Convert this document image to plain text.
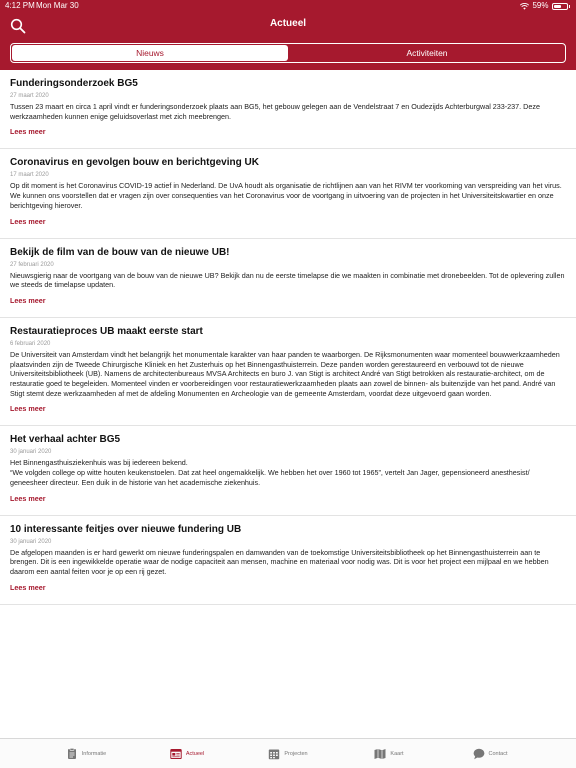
4:12 PM Mon Mar 30	59%
Actueel
Nieuws	Activiteiten
Funderingsonderzoek BG5
27 maart 2020
Tussen 23 maart en circa 1 april vindt er funderingsonderzoek plaats aan BG5, het gebouw gelegen aan de Vendelstraat 7 en Oudezijds Achterburgwal 233-237. Deze werkzaamheden kunnen enige geluidsoverlast met zich meebrengen.
Lees meer
Coronavirus en gevolgen bouw en berichtgeving UK
17 maart 2020
Op dit moment is het Coronavirus COVID-19 actief in Nederland. De UvA houdt als organisatie de richtlijnen aan van het RIVM ter voorkoming van verspreiding van het virus. We kunnen ons voorstellen dat er vragen zijn over consequenties van het Coronavirus voor de voortgang in uitvoering van de projecten in het Universiteitskwartier en onze berichtgeving hierover.
Lees meer
Bekijk de film van de bouw van de nieuwe UB!
27 februari 2020
Nieuwsgierig naar de voortgang van de bouw van de nieuwe UB? Bekijk dan nu de eerste timelapse die we maakten in combinatie met dronebeelden. Tot de oplevering zullen we steeds de timelapse updaten.
Lees meer
Restauratieproces UB maakt eerste start
6 februari 2020
De Universiteit van Amsterdam vindt het belangrijk het monumentale karakter van haar panden te waarborgen. De Rijksmonumenten waar momenteel bouwwerkzaamheden plaatsvinden zijn de Tweede Chirurgische Kliniek en het Zusterhuis op het Binnengasthuisterrein. Deze panden worden gerestaureerd en verbouwd tot de nieuwe Universiteitsbibliotheek (UB). Namens de architectenbureaus MVSA Architects en buro J. van Stigt is architect André van Stigt betrokken als restauratie-architect, om de restauratie goed te begeleiden. Momenteel vinden er voorbereidingen voor restauratiewerkzaamheden plaats aan zowel de binnen- als buitenzijde van het pand. André van Stigt stemt deze werkzaamheden af met de afdeling Monumenten en Archeologie van de gemeente Amsterdam, voordat deze uitgevoerd gaan worden.
Lees meer
Het verhaal achter BG5
30 januari 2020
Het Binnengasthuisziekenhuis was bij iedereen bekend.
“We volgden college op witte houten keukenstoelen. Dat zat heel ongemakkelijk. We hebben het over 1960 tot 1965”, vertelt Jan Jager, gepensioneerd anesthesist/ geneesheer directeur. Een duik in de historie van het academische ziekenhuis.
Lees meer
10 interessante feitjes over nieuwe fundering UB
30 januari 2020
De afgelopen maanden is er hard gewerkt om nieuwe funderingspalen en damwanden van de toekomstige Universiteitsbibliotheek op het Binnengasthuisterrein aan te brengen. Dit is een ingewikkelde operatie waar de nodige capaciteit aan mensen, machine en materiaal voor nodig was. Dit is voor het project een mijlpaal en we hebben daarom een aantal feiten voor je op een rij gezet.
Lees meer
Informatie	Actueel	Projecten	Kaart	Contact
